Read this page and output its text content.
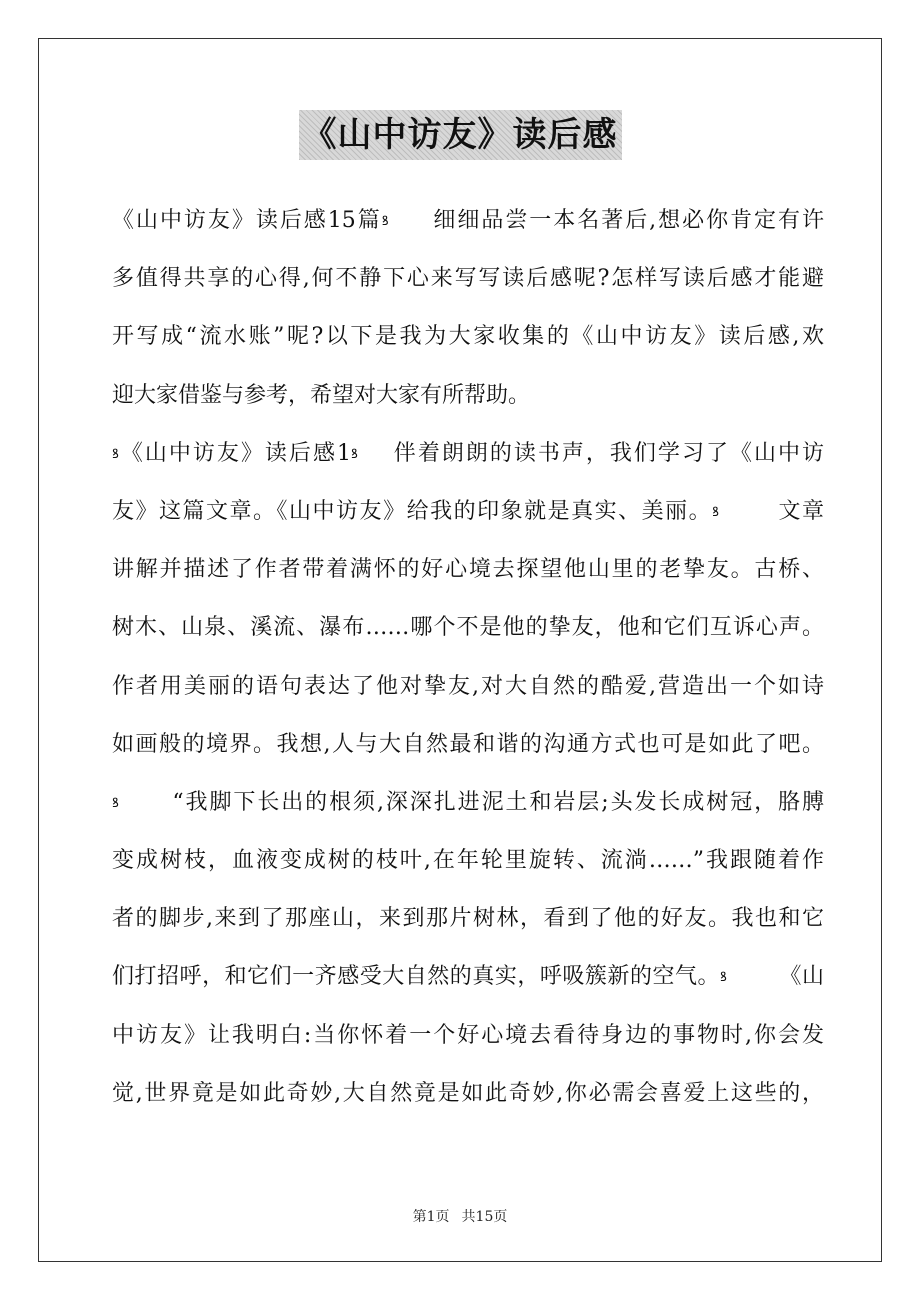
《山中访友》读后感
《山中访友》读后感15篇ꝸ     细细品尝一本名著后,想必你肯定有许
多值得共享的心得,何不静下心来写写读后感呢?怎样写读后感才能避
开写成“流水账”呢?以下是我为大家收集的《山中访友》读后感,欢
迎大家借鉴与参考，希望对大家有所帮助。
ꝸ《山中访友》读后感1ꝸ    伴着朗朗的读书声，我们学习了《山中访
友》这篇文章。《山中访友》给我的印象就是真实、美丽。ꝸ       文章
讲解并描述了作者带着满怀的好心境去探望他山里的老挚友。古桥、
树木、山泉、溪流、瀑布……哪个不是他的挚友，他和它们互诉心声。
作者用美丽的语句表达了他对挚友,对大自然的酷爱,营造出一个如诗
如画般的境界。我想,人与大自然最和谐的沟通方式也可是如此了吧。
ꝸ      “我脚下长出的根须,深深扎进泥土和岩层;头发长成树冠，胳膊
变成树枝，血液变成树的枝叶,在年轮里旋转、流淌……”我跟随着作
者的脚步,来到了那座山，来到那片树林，看到了他的好友。我也和它
们打招呼，和它们一齐感受大自然的真实，呼吸簇新的空气。ꝸ       《山
中访友》让我明白:当你怀着一个好心境去看待身边的事物时,你会发
觉,世界竟是如此奇妙,大自然竟是如此奇妙,你必需会喜爱上这些的，
第1页 共15页
